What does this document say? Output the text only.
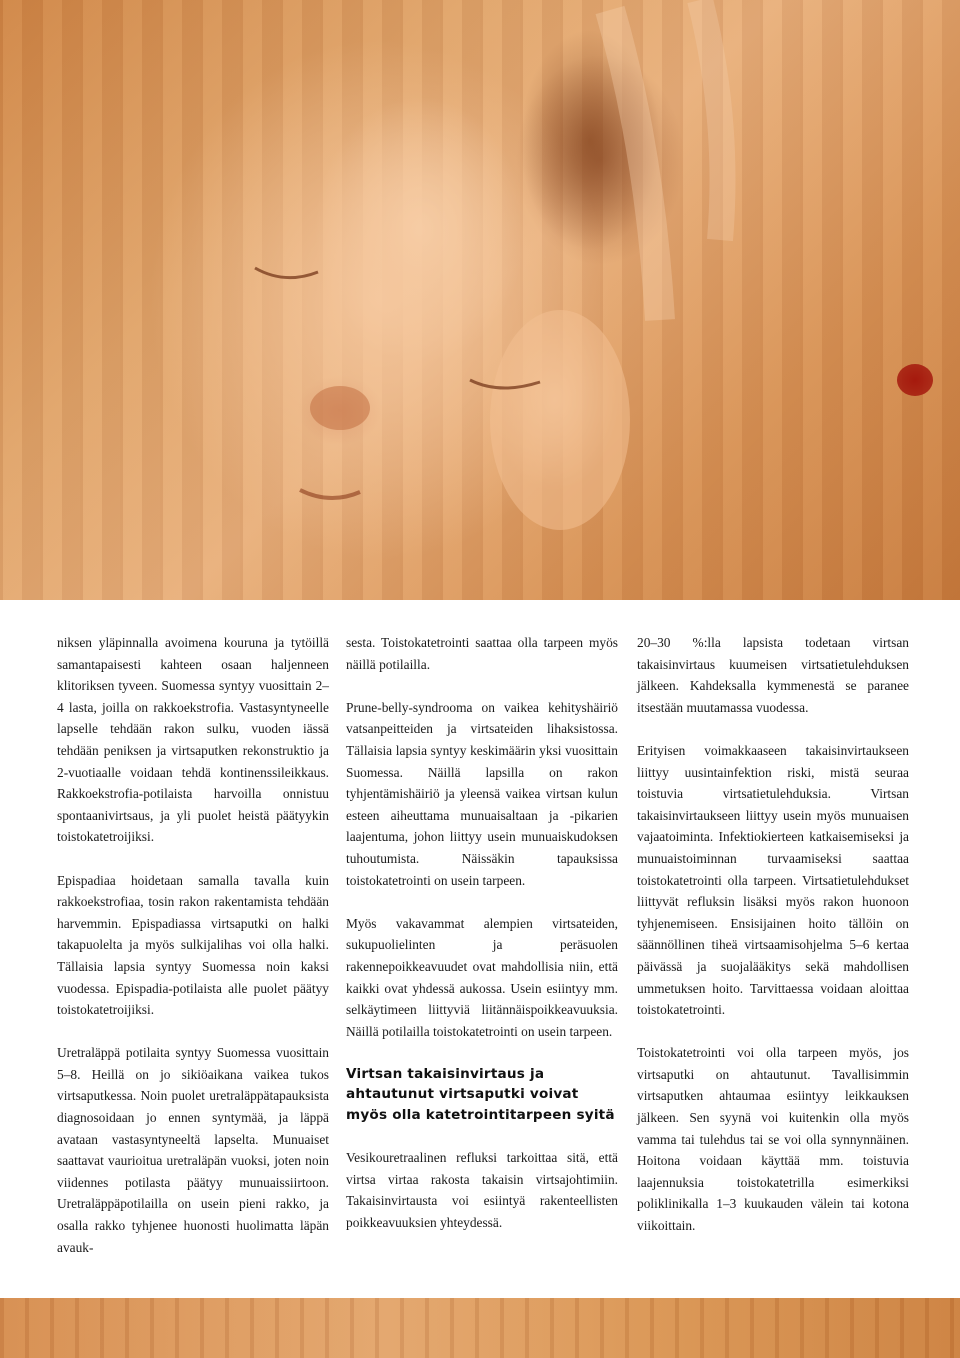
niksen yläpinnalla avoimena kouruna ja tytöillä samantapaisesti kahteen osaan haljenneen klitoriksen tyveen. Suomessa syntyy vuosittain 2–4 lasta, joilla on rakkoekstrofia. Vastasyntyneelle lapselle tehdään rakon sulku, vuoden iässä tehdään peniksen ja virtsaputken rekonstruktio ja 2-vuotiaalle voidaan tehdä kontinenssileikkaus. Rakkoekstrofia-potilaista harvoilla onnistuu spontaanivirtsaus, ja yli puolet heistä päätyykin toistokatetroijiksi.

Epispadiaa hoidetaan samalla tavalla kuin rakkoekstrofiaa, tosin rakon rakentamista tehdään harvemmin. Epispadiassa virtsaputki on halki takapuolelta ja myös sulkijalihas voi olla halki. Tällaisia lapsia syntyy Suomessa noin kaksi vuodessa. Epispadia-potilaista alle puolet päätyy toistokatetroijiksi.

Uretraläppä potilaita syntyy Suomessa vuosittain 5–8. Heillä on jo sikiöaikana vaikea tukos virtsaputkessa. Noin puolet uretraläppätapauksista diagnosoidaan jo ennen syntymää, ja läppä avataan vastasyntyneeltä lapselta. Munuaiset saattavat vaurioitua uretraläpän vuoksi, joten noin viidennes potilasta päätyy munuaissiirtoon. Uretraläppäpotilailla on usein pieni rakko, ja osalla rakko tyhjenee huonosti huolimatta läpän avauk-

sesta. Toistokatetrointi saattaa olla tarpeen myös näillä potilailla.

Prune-belly-syndrooma on vaikea kehityshäiriö vatsanpeitteiden ja virtsateiden lihaksistossa. Tällaisia lapsia syntyy keskimäärin yksi vuosittain Suomessa. Näillä lapsilla on rakon tyhjentämishäiriö ja yleensä vaikea virtsan kulun esteen aiheuttama munuaisaltaan ja -pikarien laajentuma, johon liittyy usein munuaiskudoksen tuhoutumista. Näissäkin tapauksissa toistokatetrointi on usein tarpeen.

Myös vakavammat alempien virtsateiden, sukupuolielinten ja peräsuolen rakennepoikkeavuudet ovat mahdollisia niin, että kaikki ovat yhdessä aukossa. Usein esiintyy mm. selkäytimeen liittyviä liitännäispoikkeavuuksia. Näillä potilailla toistokatetrointi on usein tarpeen.

Virtsan takaisinvirtaus ja ahtautunut virtsaputki voivat myös olla katetrointitarpeen syitä

Vesikouretraalinen refluksi tarkoittaa sitä, että virtsa virtaa rakosta takaisin virtsajohtimiin. Takaisinvirtausta voi esiintyä rakenteellisten poikkeavuuksien yhteydessä.

20–30 %:lla lapsista todetaan virtsan takaisinvirtaus kuumeisen virtsatietulehduksen jälkeen. Kahdeksalla kymmenestä se paranee itsestään muutamassa vuodessa.

Erityisen voimakkaaseen takaisinvirtaukseen liittyy uusintainfektion riski, mistä seuraa toistuvia virtsatietulehduksia. Virtsan takaisinvirtaukseen liittyy usein myös munuaisen vajaatoiminta. Infektiokierteen katkaisemiseksi ja munuaistoiminnan turvaamiseksi saattaa toistokatetrointi olla tarpeen. Virtsatietulehdukset liittyvät refluksin lisäksi myös rakon huonoon tyhjenemiseen. Ensisijainen hoito tällöin on säännöllinen tiheä virtsaamisohjelma 5–6 kertaa päivässä ja suojalääkitys sekä mahdollisen ummetuksen hoito. Tarvittaessa voidaan aloittaa toistokatetrointi.

Toistokatetrointi voi olla tarpeen myös, jos virtsaputki on ahtautunut. Tavallisimmin virtsaputken ahtaumaa esiintyy leikkauksen jälkeen. Sen syynä voi kuitenkin olla myös vamma tai tulehdus tai se voi olla synnynnäinen. Hoitona voidaan käyttää mm. toistuvia laajennuksia toistokatetrilla esimerkiksi poliklinikalla 1–3 kuukauden välein tai kotona viikoittain.
